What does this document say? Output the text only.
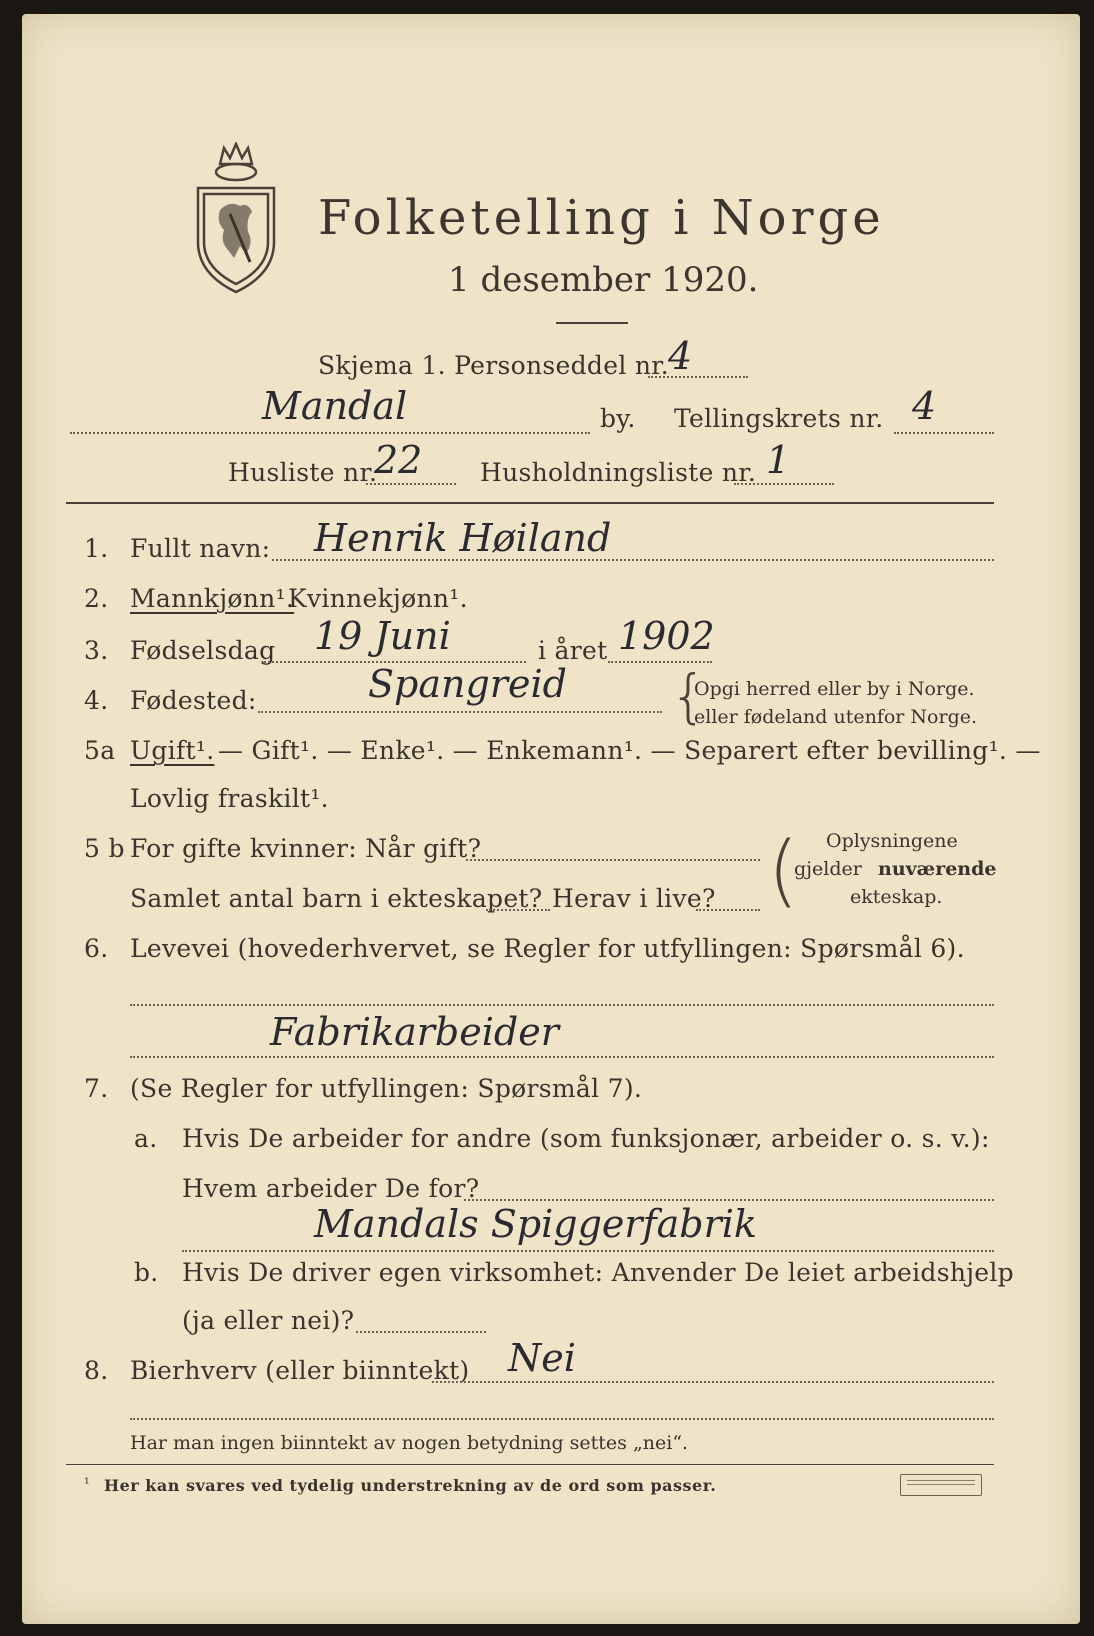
Folketelling i Norge
1 desember 1920.
Skjema 1. Personseddel nr.
4
Mandal	by. Tellingskrets nr. 4
Husliste nr.
22 Husholdningsliste nr. 1
1. Fullt navn: Henrik Høiland
2. Mannkjønn¹.
Kvinnekjønn¹.
3. Fødselsdag 19 Juni	i året 1902
4. Fødested:	Spangreid {
Opgi herred eller by i Norge.
eller fødeland utenfor Norge.
5a Ugift¹. — Gift¹. — Enke¹. — Enkemann¹. — Separert efter bevilling¹. —
Lovlig fraskilt¹.
5 b For gifte kvinner: Når gift?
Samlet antal barn i ekteskapet? Herav i live? ( Oplysningene
gjelder nuværende
ekteskap.
6. Levevei (hovederhvervet, se Regler for utfyllingen: Spørsmål 6).
Fabrikarbeider
7. (Se Regler for utfyllingen: Spørsmål 7).
a. Hvis De arbeider for andre (som funksjonær, arbeider o. s. v.):
Hvem arbeider De for?
Mandals Spiggerfabrik
b. Hvis De driver egen virksomhet: Anvender De leiet arbeidshjelp
(ja eller nei)?
8. Bierhverv (eller biinntekt) Nei
Har man ingen biinntekt av nogen betydning settes „nei“.
¹ Her kan svares ved tydelig understrekning av de ord som passer.
